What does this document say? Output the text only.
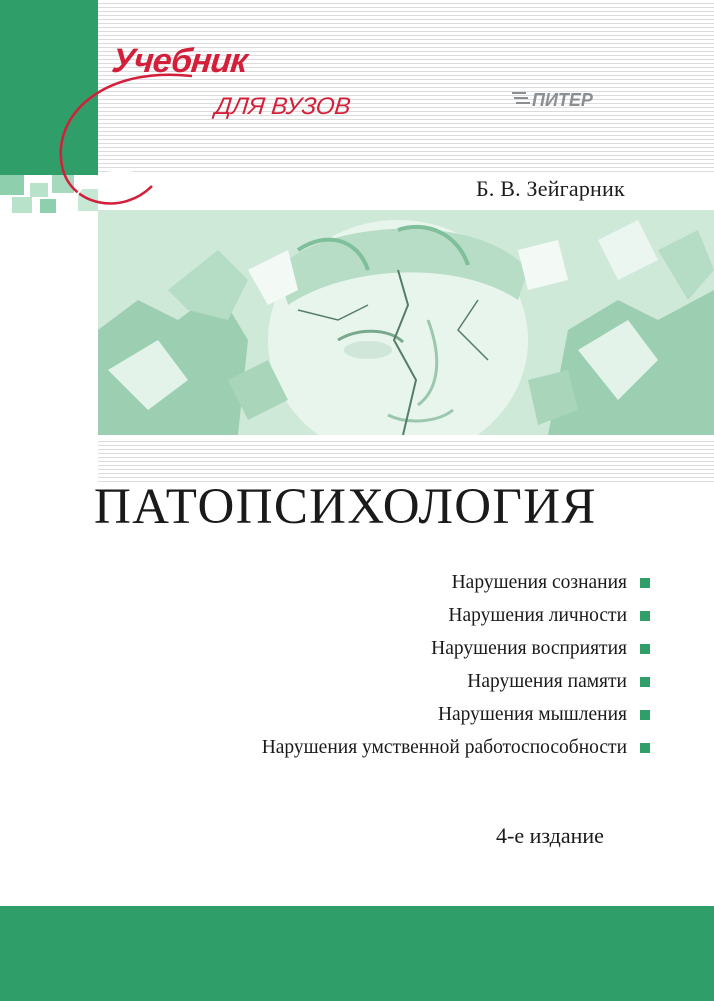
Учебник
ДЛЯ ВУЗОВ	ПИТЕР
Б. В. Зейгарник
ПАТОПСИХОЛОГИЯ
Нарушения сознания
Нарушения личности
Нарушения восприятия
Нарушения памяти
Нарушения мышления
Нарушения умственной работоспособности
4-е издание
